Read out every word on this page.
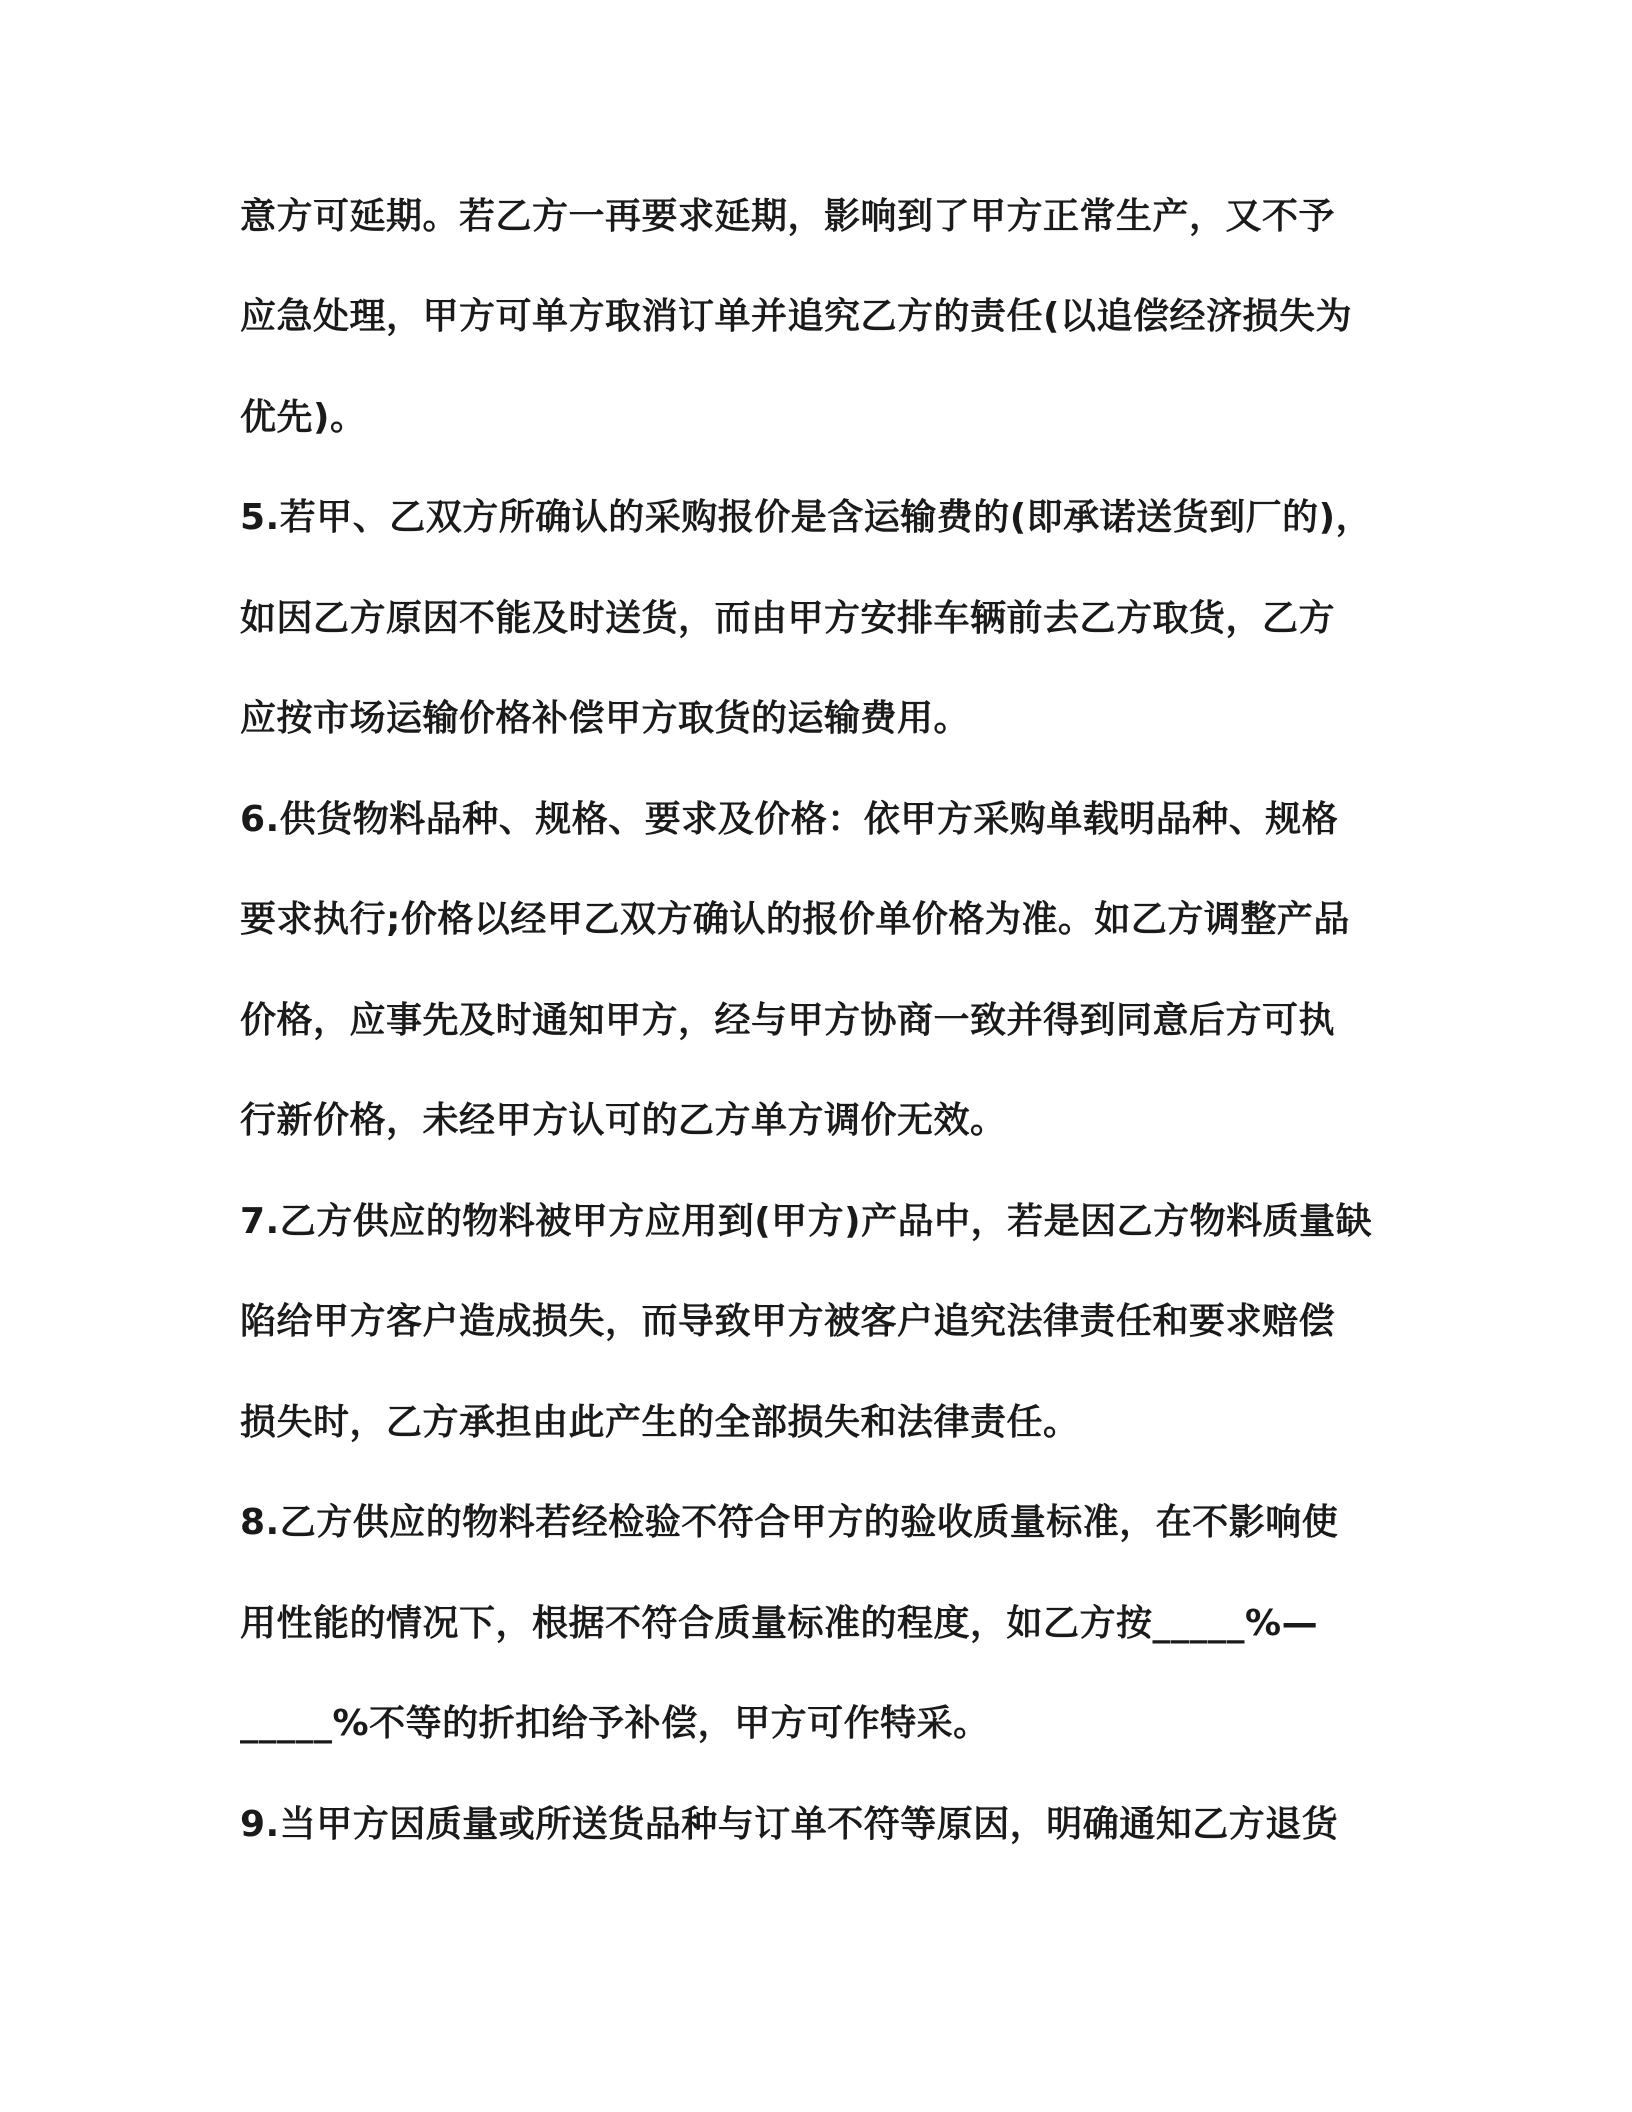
意方可延期。若乙方一再要求延期，影响到了甲方正常生产，又不予
应急处理，甲方可单方取消订单并追究乙方的责任(以追偿经济损失为
优先)。
5.若甲、乙双方所确认的采购报价是含运输费的(即承诺送货到厂的)，
如因乙方原因不能及时送货，而由甲方安排车辆前去乙方取货，乙方
应按市场运输价格补偿甲方取货的运输费用。
6.供货物料品种、规格、要求及价格：依甲方采购单载明品种、规格
要求执行;价格以经甲乙双方确认的报价单价格为准。如乙方调整产品
价格，应事先及时通知甲方，经与甲方协商一致并得到同意后方可执
行新价格，未经甲方认可的乙方单方调价无效。
7.乙方供应的物料被甲方应用到(甲方)产品中，若是因乙方物料质量缺
陷给甲方客户造成损失，而导致甲方被客户追究法律责任和要求赔偿
损失时，乙方承担由此产生的全部损失和法律责任。
8.乙方供应的物料若经检验不符合甲方的验收质量标准，在不影响使
用性能的情况下，根据不符合质量标准的程度，如乙方按_____%—
_____%不等的折扣给予补偿，甲方可作特采。
9.当甲方因质量或所送货品种与订单不符等原因，明确通知乙方退货
